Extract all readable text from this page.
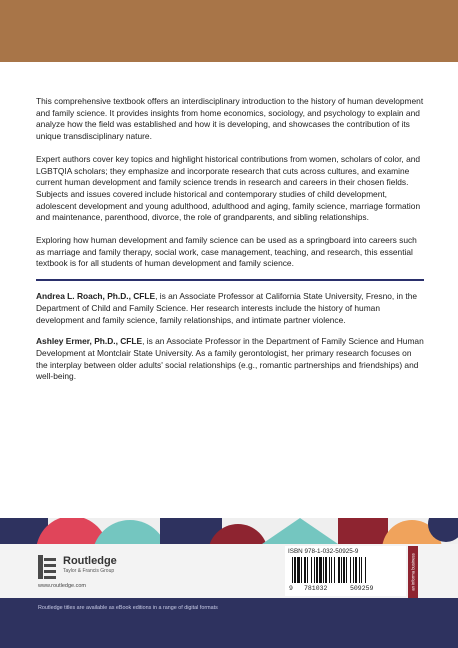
This comprehensive textbook offers an interdisciplinary introduction to the history of human development and family science. It provides insights from home economics, sociology, and psychology to explain and analyze how the field was established and how it is developing, and showcases the contribution of its unique transdisciplinary nature.

Expert authors cover key topics and highlight historical contributions from women, scholars of color, and LGBTQIA scholars; they emphasize and incorporate research that cuts across cultures, and examine current human development and family science trends in research and careers in their chosen fields. Subjects and issues covered include historical and contemporary studies of child development, adolescent development and young adulthood, adulthood and aging, family science, marriage formation and maintenance, parenthood, divorce, the role of grandparents, and sibling relationships.

Exploring how human development and family science can be used as a springboard into careers such as marriage and family therapy, social work, case management, teaching, and research, this essential textbook is for all students of human development and family science.

Andrea L. Roach, Ph.D., CFLE, is an Associate Professor at California State University, Fresno, in the Department of Child and Family Science. Her research interests include the history of human development and family science, family relationships, and intimate partner violence.

Ashley Ermer, Ph.D., CFLE, is an Associate Professor in the Department of Family Science and Human Development at Montclair State University. As a family gerontologist, her primary research focuses on the interplay between older adults' social relationships (e.g., romantic partnerships and friendships) and well-being.

Routledge
Taylor & Francis Group
www.routledge.com
ISBN 978-1-032-50925-9
9 781032	509259	an informa business
Routledge titles are available as eBook editions in a range of digital formats
